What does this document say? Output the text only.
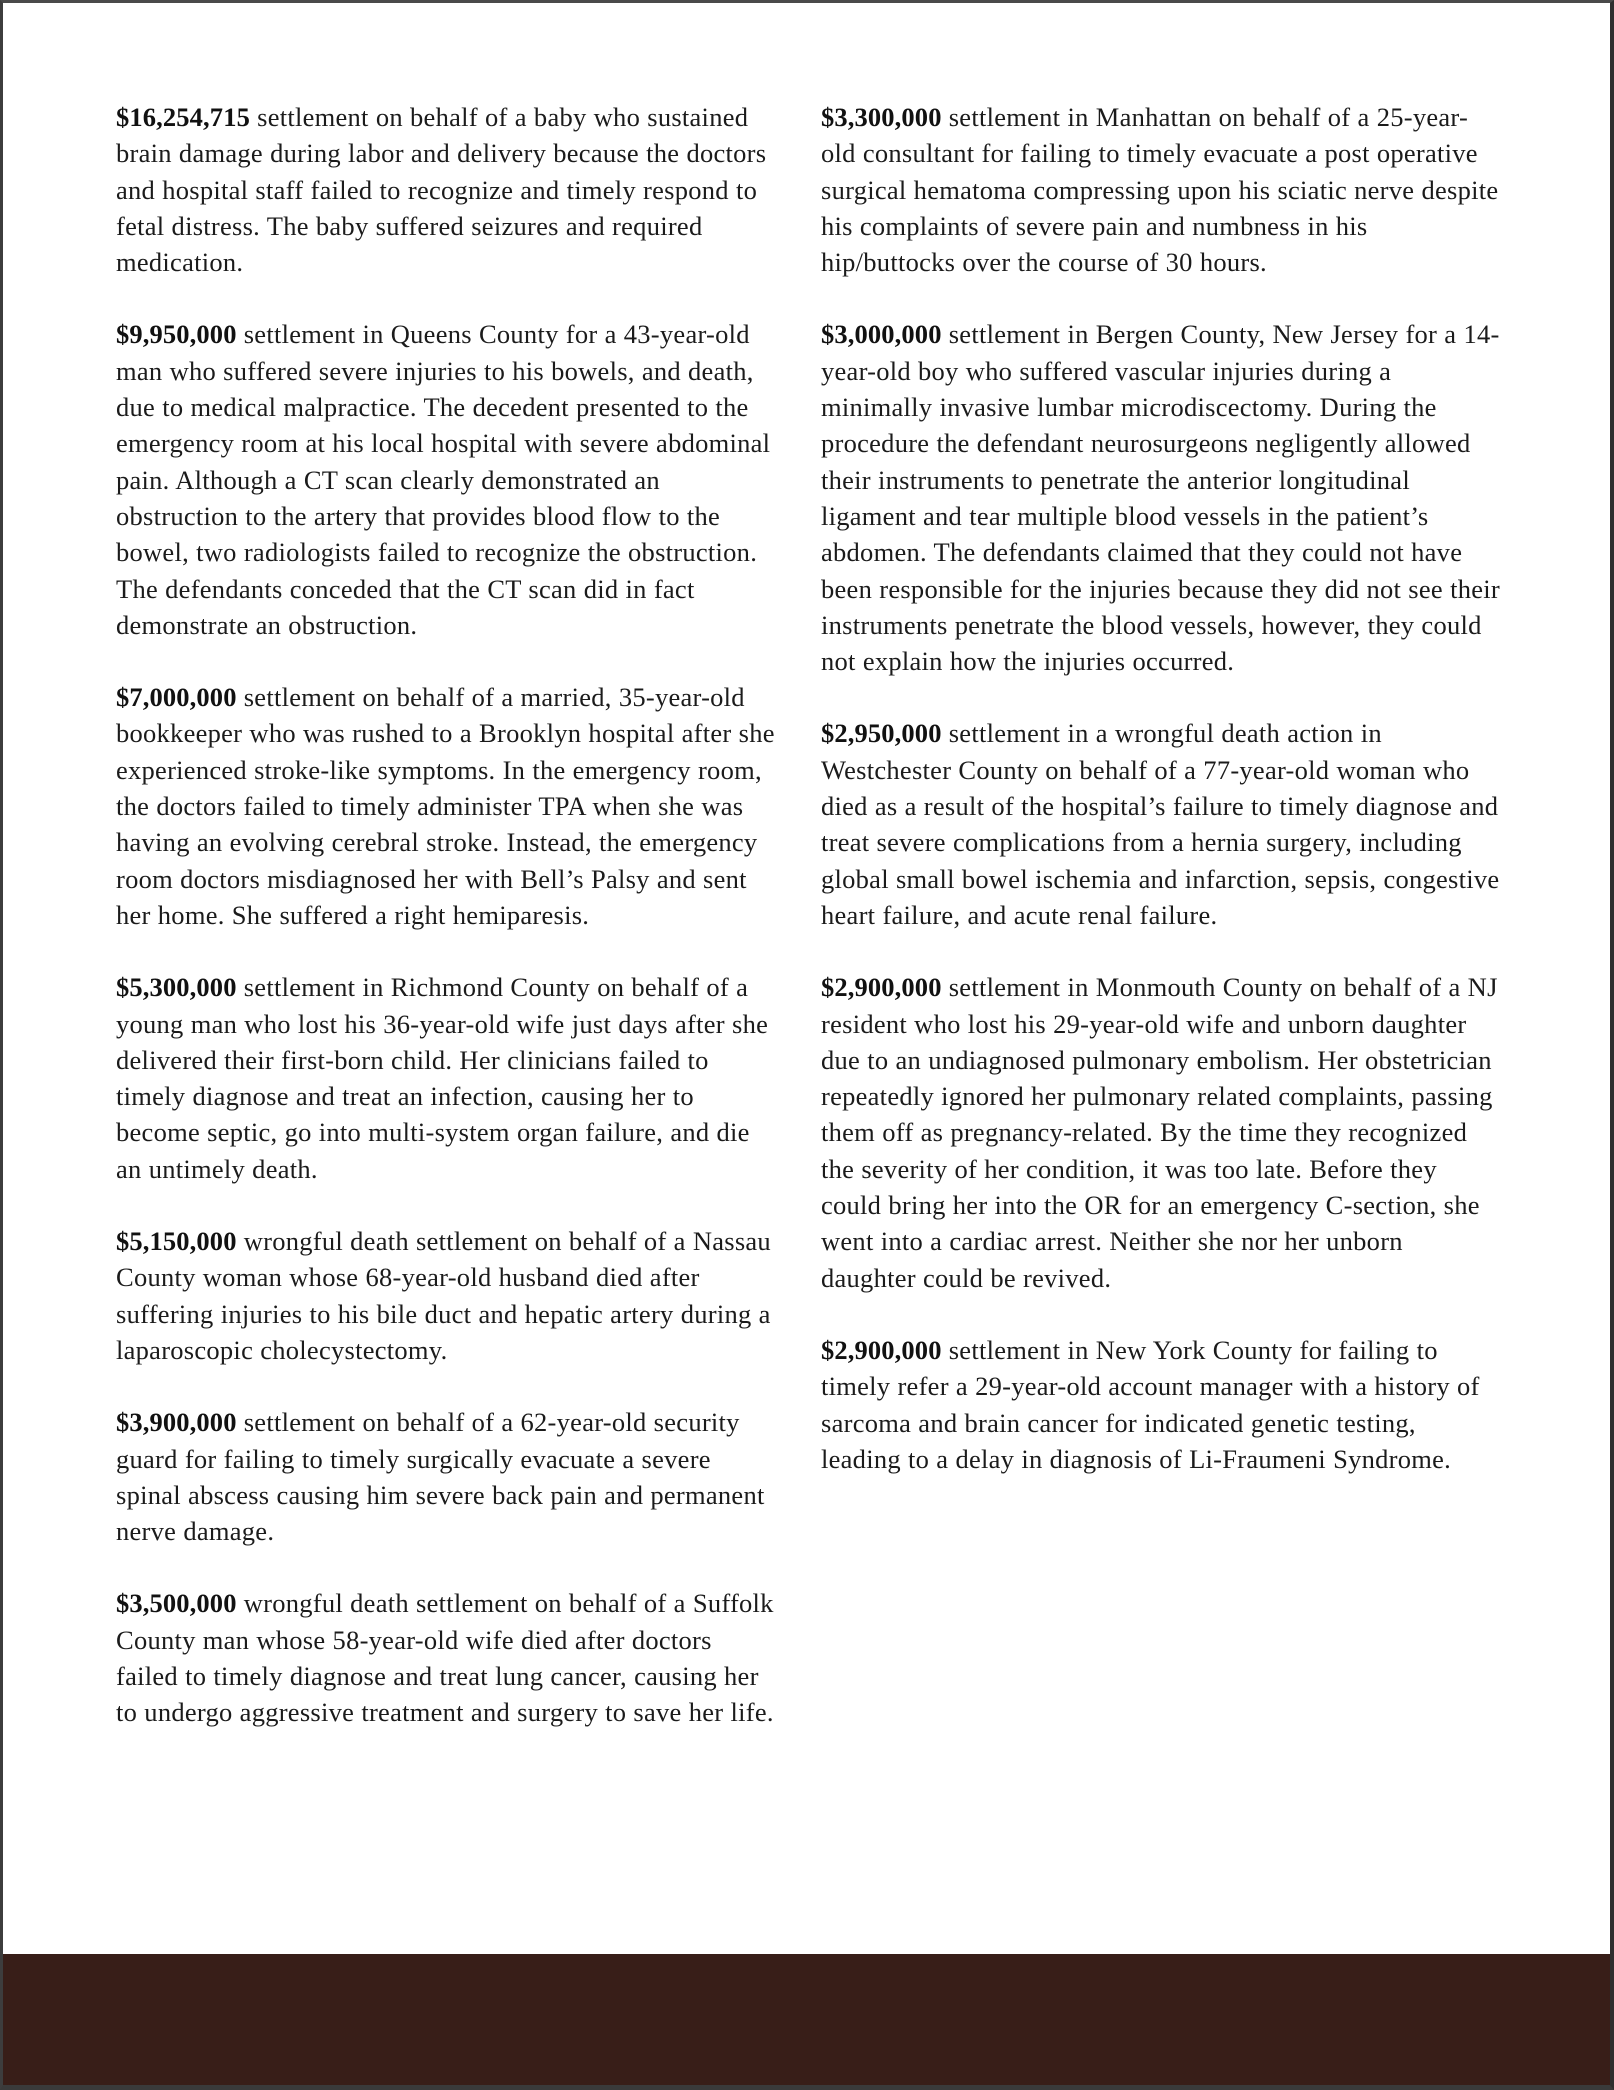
$16,254,715 settlement on behalf of a baby who sustained brain damage during labor and delivery because the doctors and hospital staff failed to recognize and timely respond to fetal distress. The baby suffered seizures and required medication.

$9,950,000 settlement in Queens County for a 43-year-old man who suffered severe injuries to his bowels, and death, due to medical malpractice. The decedent presented to the emergency room at his local hospital with severe abdominal pain. Although a CT scan clearly demonstrated an obstruction to the artery that provides blood flow to the bowel, two radiologists failed to recognize the obstruction. The defendants conceded that the CT scan did in fact demonstrate an obstruction.

$7,000,000 settlement on behalf of a married, 35-year-old bookkeeper who was rushed to a Brooklyn hospital after she experienced stroke-like symptoms. In the emergency room, the doctors failed to timely administer TPA when she was having an evolving cerebral stroke. Instead, the emergency room doctors misdiagnosed her with Bell’s Palsy and sent her home. She suffered a right hemiparesis.

$5,300,000 settlement in Richmond County on behalf of a young man who lost his 36-year-old wife just days after she delivered their first-born child. Her clinicians failed to timely diagnose and treat an infection, causing her to become septic, go into multi-system organ failure, and die an untimely death.

$5,150,000 wrongful death settlement on behalf of a Nassau County woman whose 68-year-old husband died after suffering injuries to his bile duct and hepatic artery during a laparoscopic cholecystectomy.

$3,900,000 settlement on behalf of a 62-year-old security guard for failing to timely surgically evacuate a severe spinal abscess causing him severe back pain and permanent nerve damage.

$3,500,000 wrongful death settlement on behalf of a Suffolk County man whose 58-year-old wife died after doctors failed to timely diagnose and treat lung cancer, causing her to undergo aggressive treatment and surgery to save her life.

$3,300,000 settlement in Manhattan on behalf of a 25-year-old consultant for failing to timely evacuate a post operative surgical hematoma compressing upon his sciatic nerve despite his complaints of severe pain and numbness in his hip/buttocks over the course of 30 hours.

$3,000,000 settlement in Bergen County, New Jersey for a 14-year-old boy who suffered vascular injuries during a minimally invasive lumbar microdiscectomy. During the procedure the defendant neurosurgeons negligently allowed their instruments to penetrate the anterior longitudinal ligament and tear multiple blood vessels in the patient’s abdomen. The defendants claimed that they could not have been responsible for the injuries because they did not see their instruments penetrate the blood vessels, however, they could not explain how the injuries occurred.

$2,950,000 settlement in a wrongful death action in Westchester County on behalf of a 77-year-old woman who died as a result of the hospital’s failure to timely diagnose and treat severe complications from a hernia surgery, including global small bowel ischemia and infarction, sepsis, congestive heart failure, and acute renal failure.

$2,900,000 settlement in Monmouth County on behalf of a NJ resident who lost his 29-year-old wife and unborn daughter due to an undiagnosed pulmonary embolism. Her obstetrician repeatedly ignored her pulmonary related complaints, passing them off as pregnancy-related. By the time they recognized the severity of her condition, it was too late. Before they could bring her into the OR for an emergency C-section, she went into a cardiac arrest. Neither she nor her unborn daughter could be revived.

$2,900,000 settlement in New York County for failing to timely refer a 29-year-old account manager with a history of sarcoma and brain cancer for indicated genetic testing, leading to a delay in diagnosis of Li-Fraumeni Syndrome.
